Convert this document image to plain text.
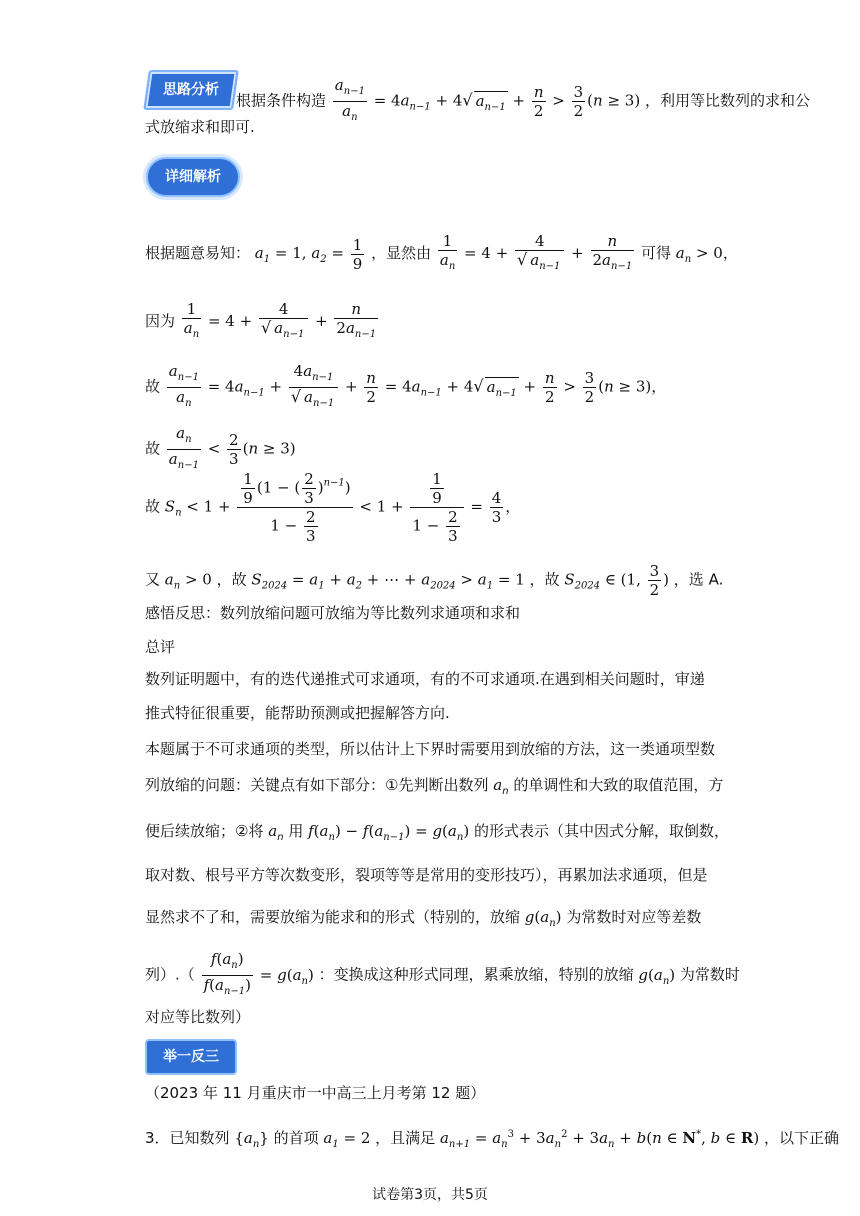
思路分析
根据条件构造 $\frac{a_{n-1}}{a_n} = 4a_{n-1} + 4√$ $a_{n-1} + \frac{n}{2} > \frac{3}{2} (n \ge 3)$ ，利用等比数列的求和公
式放缩求和即可.
详细解析
根据题意易知： $a_1 = 1$, $a_2 = \frac{1}{9}$ ，显然由 $\frac{1}{a_n} = 4 + \frac{4}{√ a_{n-1}} + \frac{n}{2a_{n-1}}$ 可得 $a_n > 0$，
因为 $\frac{1}{a_n} = 4 + \frac{4}{√ a_{n-1}} + \frac{n}{2a_{n-1}}$
故 $\frac{a_{n-1}}{a_n} = 4a_{n-1} + \frac{4a_{n-1}}{√ a_{n-1}} + \frac{n}{2} = 4a_{n-1} + 4√$ $a_{n-1} + \frac{n}{2} > \frac{3}{2} (n \ge 3)$，
故 $\frac{a_n}{a_{n-1}} < \frac{2}{3} (n \ge 3)$
故 $S_n < 1 + \frac{\frac{1}{9} (1 - ( \frac{2}{3} )^{n-1})}{1 - \frac{2}{3}} < 1 + \frac{\frac{1}{9}}{1 - \frac{2}{3}} = \frac{4}{3}$ ，
又 $a_n > 0$ ，故 $S_{2024} = a_1 + a_2$ + ⋯ + $a_{2024} > a_1 = 1$ ，故 $S_{2024}$ ∈ (1, $\frac{3}{2}$ ) ，选 A.
感悟反思：数列放缩问题可放缩为等比数列求通项和求和
总评
数列证明题中，有的迭代递推式可求通项，有的不可求通项.在遇到相关问题时，审递
推式特征很重要，能帮助预测或把握解答方向.
本题属于不可求通项的类型，所以估计上下界时需要用到放缩的方法，这一类通项型数
列放缩的问题：关键点有如下部分：①先判断出数列 $a_n$ 的单调性和大致的取值范围，方
便后续放缩；②将 $a_n$ 用 $f(a_n) - f(a_{n-1}) = g(a_n)$ 的形式表示（其中因式分解，取倒数，
取对数、根号平方等次数变形，裂项等等是常用的变形技巧），再累加法求通项，但是
显然求不了和，需要放缩为能求和的形式（特别的，放缩 $g(a_n)$ 为常数时对应等差数
列）.（ $\frac{f(a_n)}{f(a_{n-1})} = g(a_n)$ ：变换成这种形式同理，累乘放缩，特别的放缩 $g(a_n)$ 为常数时
对应等比数列）
举一反三
（2023 年 11 月重庆市一中高三上月考第 12 题）
3．已知数列 $\{a_n\}$ 的首项 $a_1 = 2$ ，且满足 $a_{n+1} = a_n^3 + 3a_n^2 + 3a_n + b(n$ ∈ N*, b ∈ R) ，以下正确
试卷第3页，共5页
